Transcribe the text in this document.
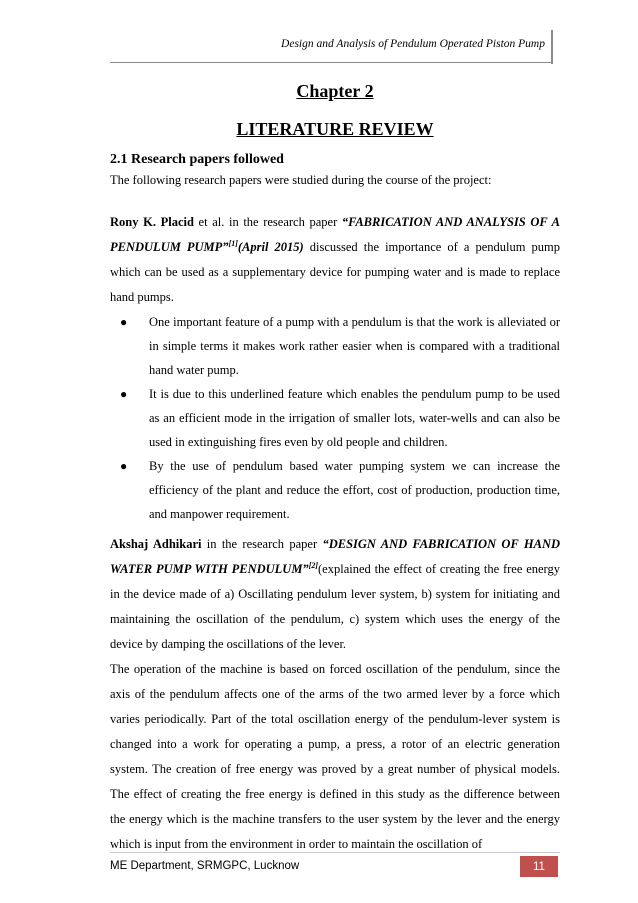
Design and Analysis of Pendulum Operated Piston Pump
Chapter 2
LITERATURE REVIEW
2.1 Research papers followed

The following research papers were studied during the course of the project:

Rony K. Placid et al. in the research paper “FABRICATION AND ANALYSIS OF A PENDULUM PUMP”[1](April 2015) discussed the importance of a pendulum pump which can be used as a supplementary device for pumping water and is made to replace hand pumps.

● One important feature of a pump with a pendulum is that the work is alleviated or in simple terms it makes work rather easier when is compared with a traditional hand water pump.
● It is due to this underlined feature which enables the pendulum pump to be used as an efficient mode in the irrigation of smaller lots, water-wells and can also be used in extinguishing fires even by old people and children.
● By the use of pendulum based water pumping system we can increase the efficiency of the plant and reduce the effort, cost of production, production time, and manpower requirement.

Akshaj Adhikari in the research paper “DESIGN AND FABRICATION OF HAND WATER PUMP WITH PENDULUM”[2](explained the effect of creating the free energy in the device made of a) Oscillating pendulum lever system, b) system for initiating and maintaining the oscillation of the pendulum, c) system which uses the energy of the device by damping the oscillations of the lever.

The operation of the machine is based on forced oscillation of the pendulum, since the axis of the pendulum affects one of the arms of the two armed lever by a force which varies periodically. Part of the total oscillation energy of the pendulum-lever system is changed into a work for operating a pump, a press, a rotor of an electric generation system. The creation of free energy was proved by a great number of physical models. The effect of creating the free energy is defined in this study as the difference between the energy which is the machine transfers to the user system by the lever and the energy which is input from the environment in order to maintain the oscillation of

ME Department, SRMGPC, Lucknow	11
